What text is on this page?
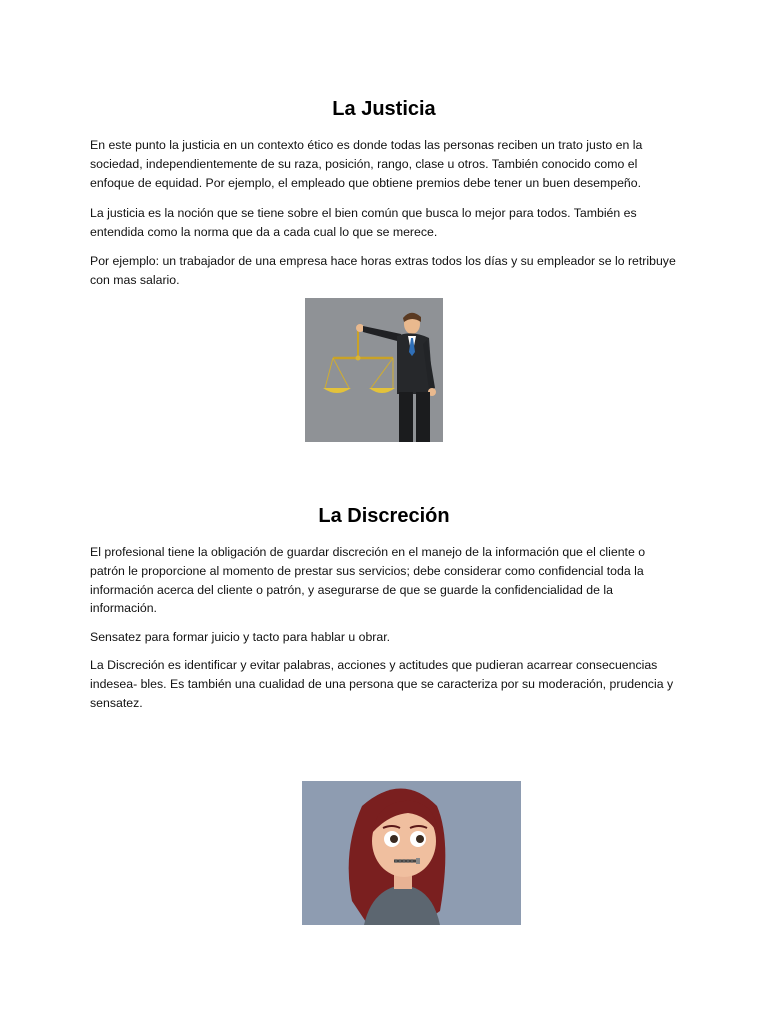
La Justicia

En este punto la justicia en un contexto ético es donde todas las personas reciben un trato justo en la sociedad, independientemente de su raza, posición, rango, clase u otros. También conocido como el enfoque de equidad. Por ejemplo, el empleado que obtiene premios debe tener un buen desempeño.

La justicia es la noción que se tiene sobre el bien común que busca lo mejor para todos. También es entendida como la norma que da a cada cual lo que se merece.

Por ejemplo: un trabajador de una empresa hace horas extras todos los días y su empleador se lo retribuye con mas salario.

La Discreción

El profesional tiene la obligación de guardar discreción en el manejo de la información que el cliente o patrón le proporcione al momento de prestar sus servicios; debe considerar como confidencial toda la información acerca del cliente o patrón, y asegurarse de que se guarde la confidencialidad de la información.

Sensatez para formar juicio y tacto para hablar u obrar.

La Discreción es identificar y evitar palabras, acciones y actitudes que pudieran acarrear consecuencias indesea- bles. Es también una cualidad de una persona que se caracteriza por su moderación, prudencia y sensatez.
